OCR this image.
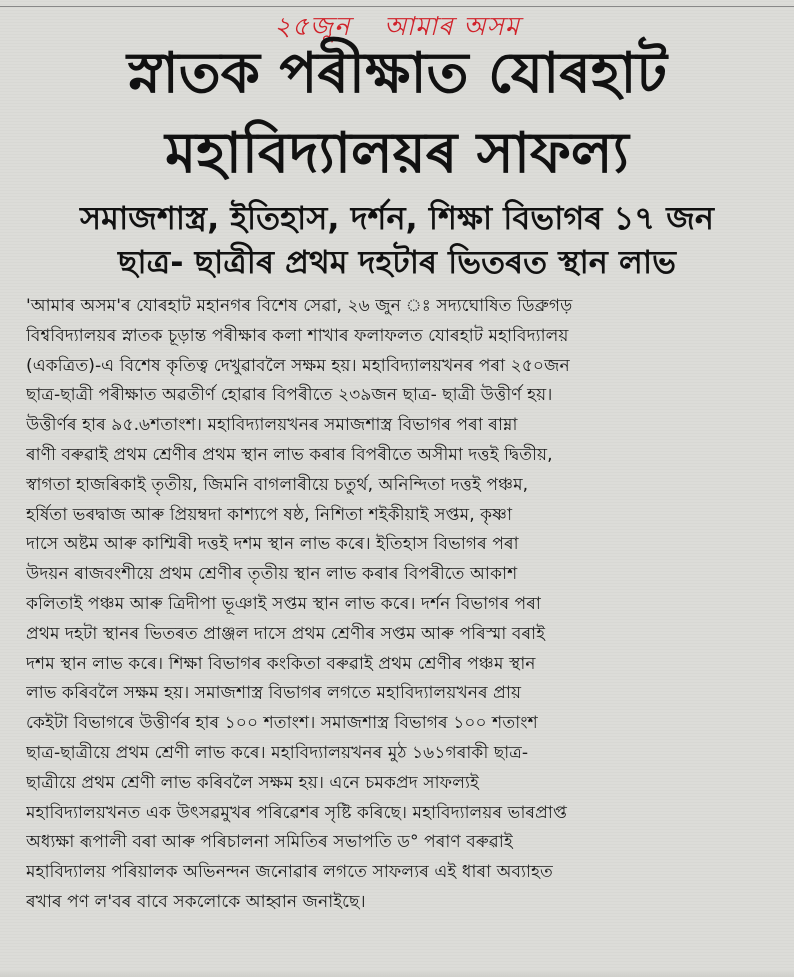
২৫জুন আমাৰ অসম
স্নাতক পৰীক্ষাত যোৰহাট
মহাবিদ্যালয়ৰ সাফল্য
সমাজশাস্ত্ৰ, ইতিহাস, দৰ্শন, শিক্ষা বিভাগৰ ১৭ জন
ছাত্ৰ- ছাত্ৰীৰ প্ৰথম দহটাৰ ভিতৰত স্থান লাভ
'আমাৰ অসম'ৰ যোৰহাট মহানগৰ বিশেষ সেৱা, ২৬ জুন ঃ সদ্যঘোষিত ডিব্ৰুগড়
বিশ্ববিদ্যালয়ৰ স্নাতক চূড়ান্ত পৰীক্ষাৰ কলা শাখাৰ ফলাফলত যোৰহাট মহাবিদ্যালয়
(একত্ৰিত)-এ বিশেষ কৃতিত্ব দেখুৱাবলৈ সক্ষম হয়। মহাবিদ্যালয়খনৰ পৰা ২৫০জন
ছাত্ৰ-ছাত্ৰী পৰীক্ষাত অৱতীৰ্ণ হোৱাৰ বিপৰীতে ২৩৯জন ছাত্ৰ- ছাত্ৰী উত্তীৰ্ণ হয়।
উত্তীৰ্ণৰ হাৰ ৯৫.৬শতাংশ। মহাবিদ্যালয়খনৰ সমাজশাস্ত্ৰ বিভাগৰ পৰা ৰাম্না
ৰাণী বৰুৱাই প্ৰথম শ্ৰেণীৰ প্ৰথম স্থান লাভ কৰাৰ বিপৰীতে অসীমা দত্তই দ্বিতীয়,
স্বাগতা হাজৰিকাই তৃতীয়, জিমনি বাগলাৰীয়ে চতুৰ্থ, অনিন্দিতা দত্তই পঞ্চম,
হৰ্ষিতা ভৰদ্বাজ আৰু প্ৰিয়ম্বদা কাশ্যপে ষষ্ঠ, নিশিতা শইকীয়াই সপ্তম, কৃষ্ণা
দাসে অষ্টম আৰু কাশ্মিৰী দত্তই দশম স্থান লাভ কৰে। ইতিহাস বিভাগৰ পৰা
উদয়ন ৰাজবংশীয়ে প্ৰথম শ্ৰেণীৰ তৃতীয় স্থান লাভ কৰাৰ বিপৰীতে আকাশ
কলিতাই পঞ্চম আৰু ত্ৰিদীপা ভূঞাই সপ্তম স্থান লাভ কৰে। দৰ্শন বিভাগৰ পৰা
প্ৰথম দহটা স্থানৰ ভিতৰত প্ৰাঞ্জল দাসে প্ৰথম শ্ৰেণীৰ সপ্তম আৰু পৰিস্মা বৰাই
দশম স্থান লাভ কৰে। শিক্ষা বিভাগৰ কংকিতা বৰুৱাই প্ৰথম শ্ৰেণীৰ পঞ্চম স্থান
লাভ কৰিবলৈ সক্ষম হয়। সমাজশাস্ত্ৰ বিভাগৰ লগতে মহাবিদ্যালয়খনৰ প্ৰায়
কেইটা বিভাগৰে উত্তীৰ্ণৰ হাৰ ১০০ শতাংশ। সমাজশাস্ত্ৰ বিভাগৰ ১০০ শতাংশ
ছাত্ৰ-ছাত্ৰীয়ে প্ৰথম শ্ৰেণী লাভ কৰে। মহাবিদ্যালয়খনৰ মুঠ ১৬১গৰাকী ছাত্ৰ-
ছাত্ৰীয়ে প্ৰথম শ্ৰেণী লাভ কৰিবলৈ সক্ষম হয়। এনে চমকপ্ৰদ সাফল্যই
মহাবিদ্যালয়খনত এক উৎসৱমুখৰ পৰিৱেশৰ সৃষ্টি কৰিছে। মহাবিদ্যালয়ৰ ভাৰপ্ৰাপ্ত
অধ্যক্ষা ৰূপালী বৰা আৰু পৰিচালনা সমিতিৰ সভাপতি ড° পৰাণ বৰুৱাই
মহাবিদ্যালয় পৰিয়ালক অভিনন্দন জনোৱাৰ লগতে সাফল্যৰ এই ধাৰা অব্যাহত
ৰখাৰ পণ ল'বৰ বাবে সকলোকে আহ্বান জনাইছে।
